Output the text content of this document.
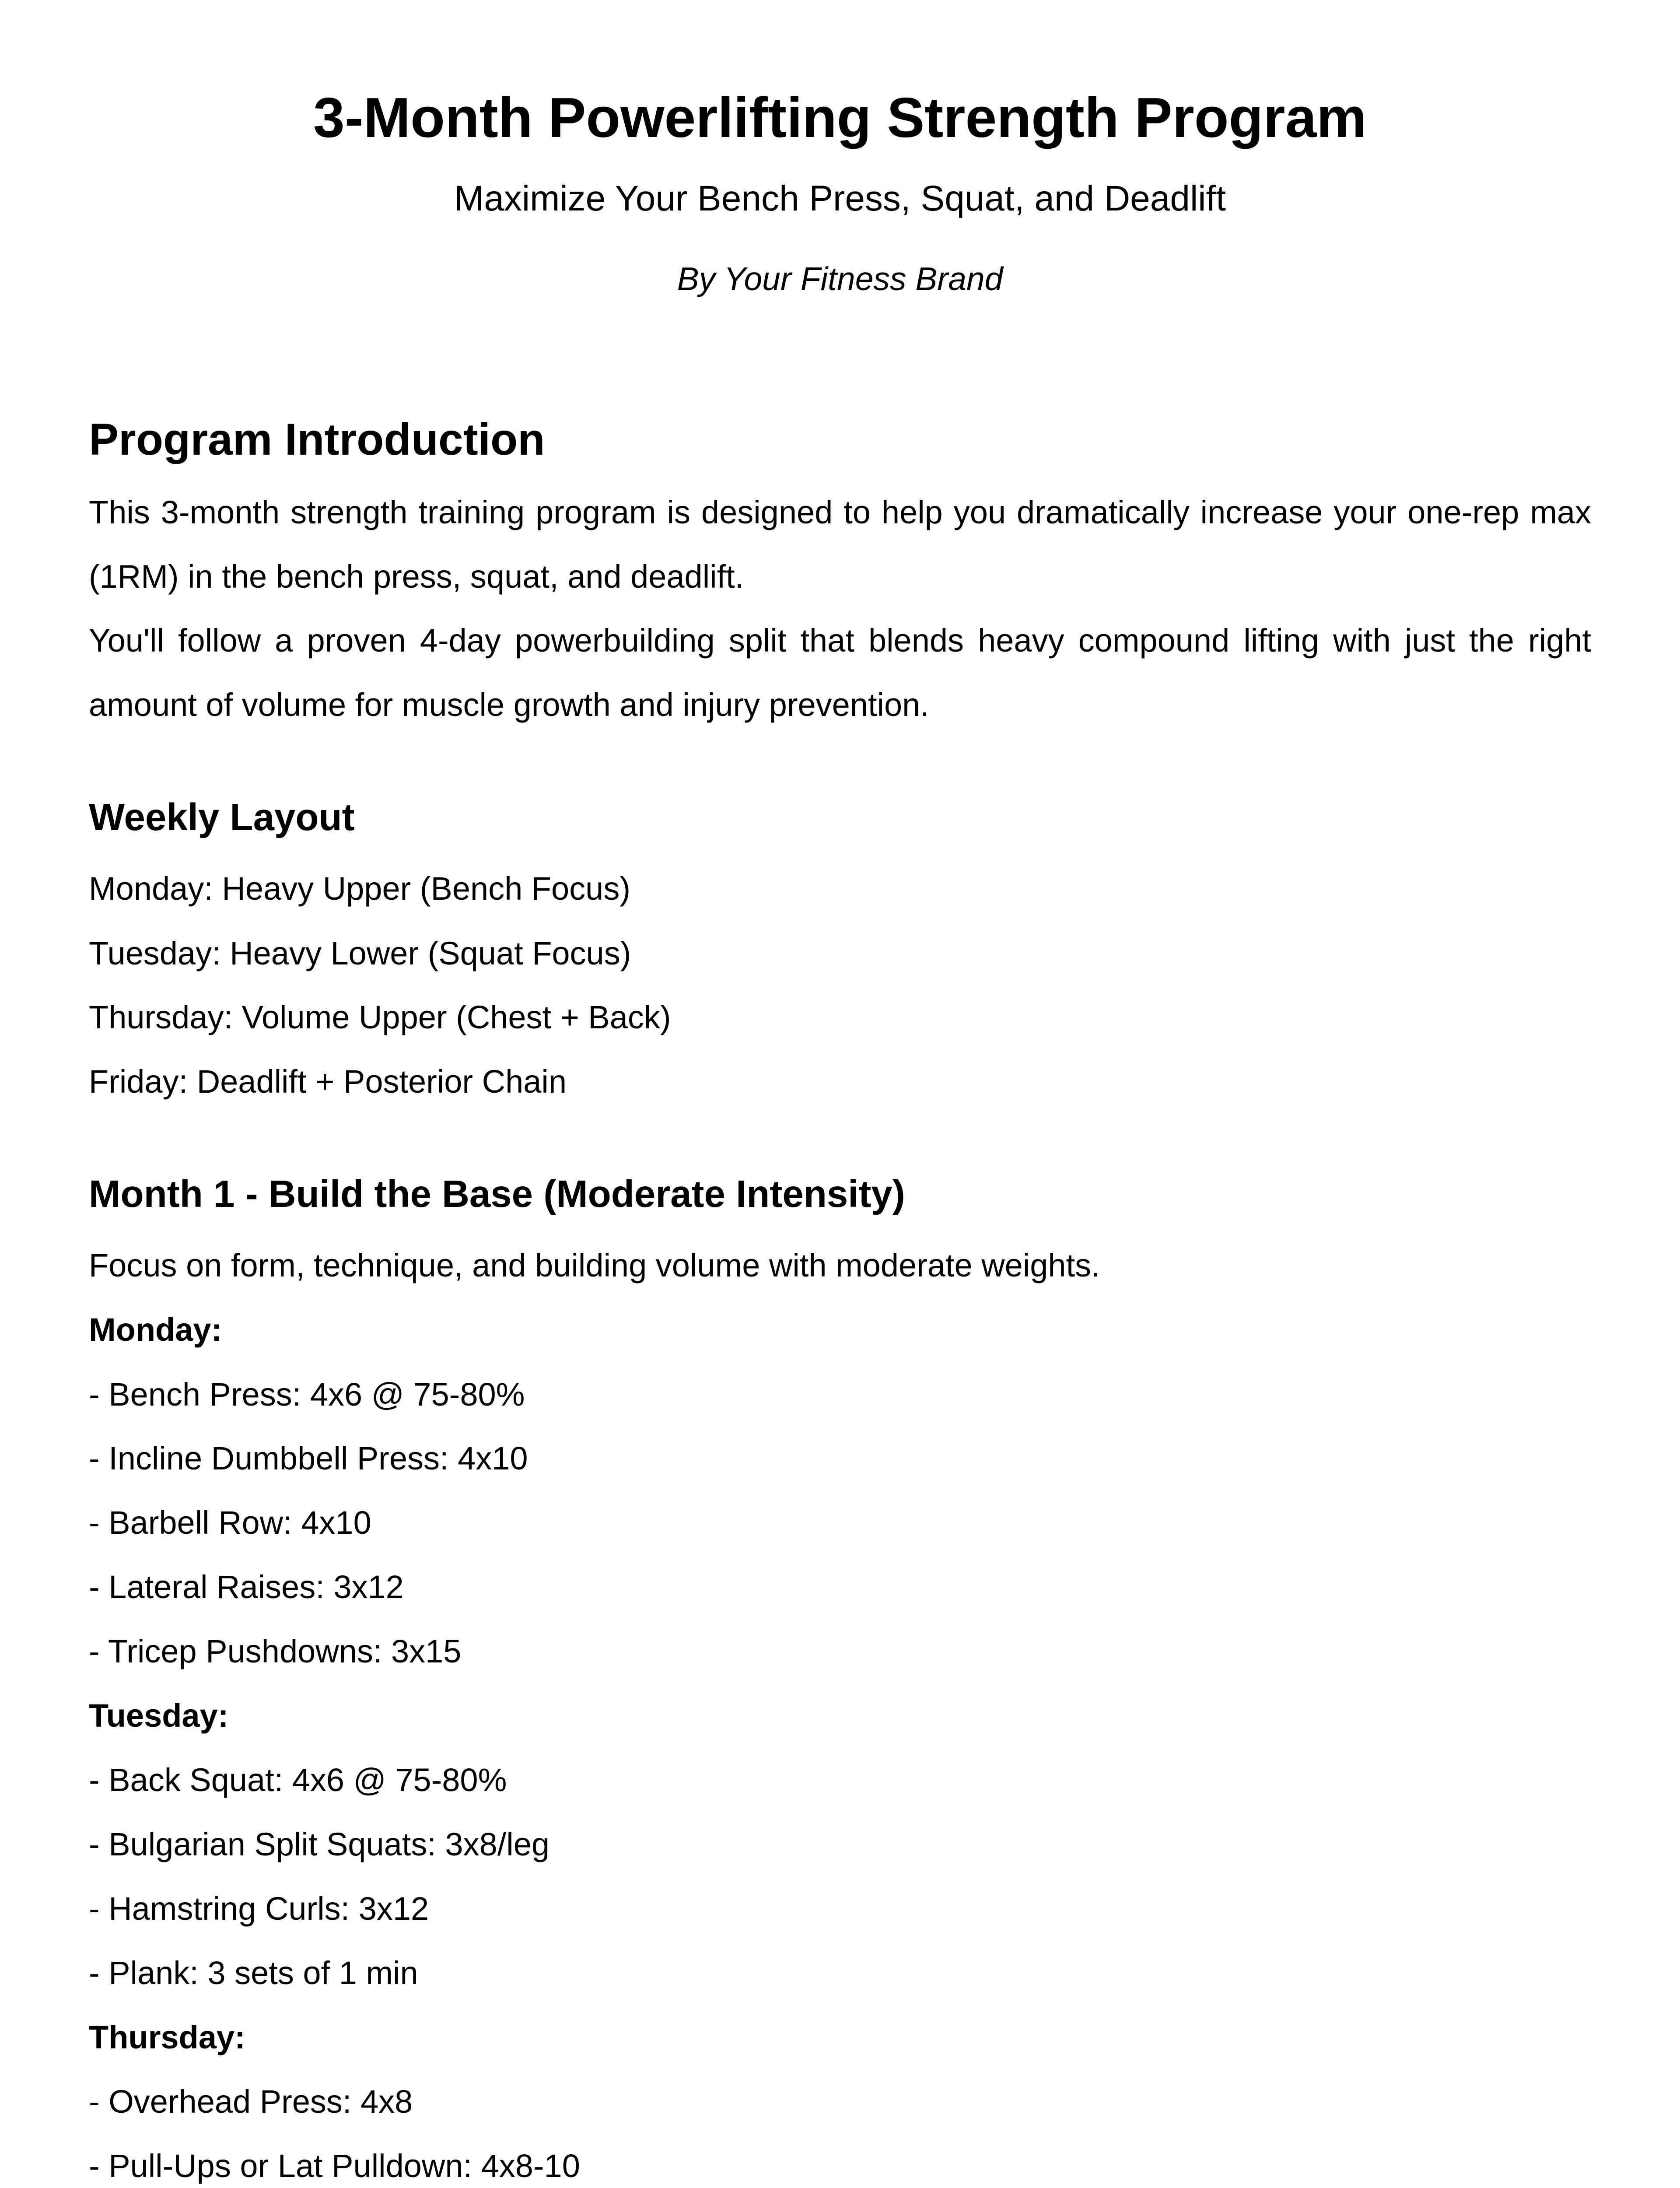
3-Month Powerlifting Strength Program

Maximize Your Bench Press, Squat, and Deadlift

By Your Fitness Brand

Program Introduction

This 3-month strength training program is designed to help you dramatically increase your one-rep max (1RM) in the bench press, squat, and deadlift.

You'll follow a proven 4-day powerbuilding split that blends heavy compound lifting with just the right amount of volume for muscle growth and injury prevention.

Weekly Layout

Monday: Heavy Upper (Bench Focus)

Tuesday: Heavy Lower (Squat Focus)

Thursday: Volume Upper (Chest + Back)

Friday: Deadlift + Posterior Chain

Month 1 - Build the Base (Moderate Intensity)

Focus on form, technique, and building volume with moderate weights.

Monday:

- Bench Press: 4x6 @ 75-80%

- Incline Dumbbell Press: 4x10

- Barbell Row: 4x10

- Lateral Raises: 3x12

- Tricep Pushdowns: 3x15

Tuesday:

- Back Squat: 4x6 @ 75-80%

- Bulgarian Split Squats: 3x8/leg

- Hamstring Curls: 3x12

- Plank: 3 sets of 1 min

Thursday:

- Overhead Press: 4x8

- Pull-Ups or Lat Pulldown: 4x8-10
